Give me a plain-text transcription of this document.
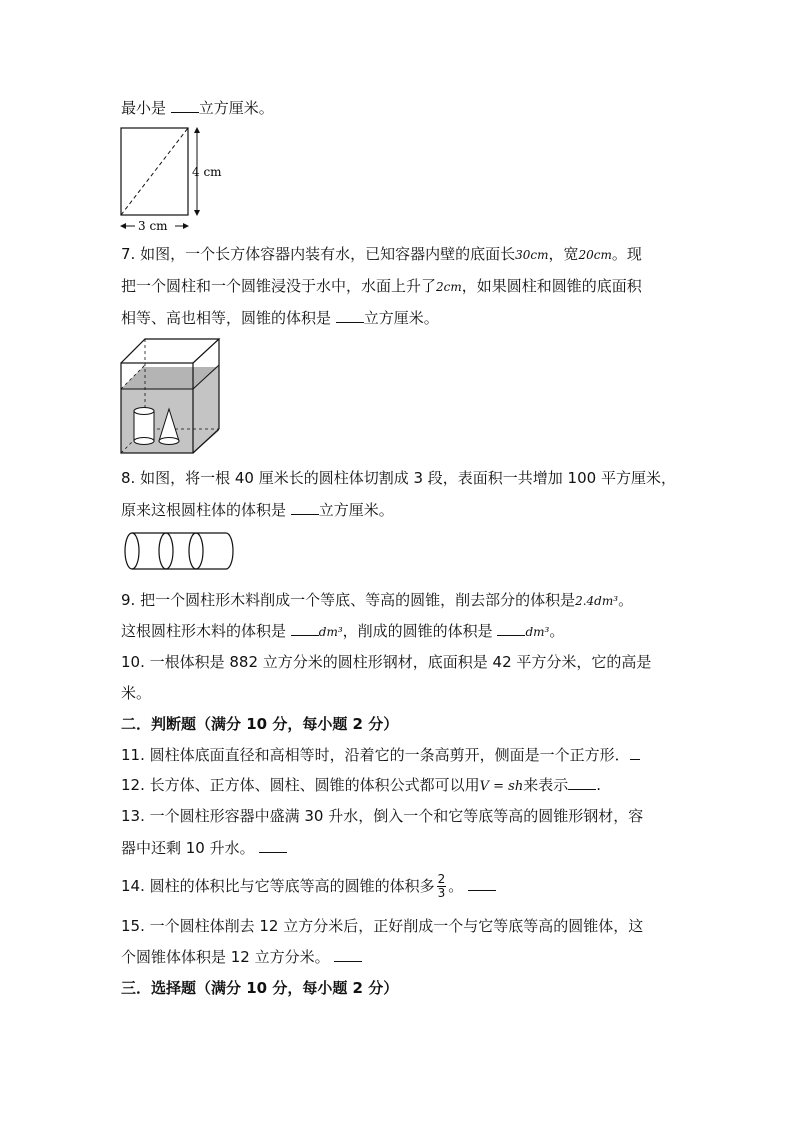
最小是 立方厘米。
4 cm
3 cm
7. 如图，一个长方体容器内装有水，已知容器内壁的底面长30cm，宽20cm。现
把一个圆柱和一个圆锥浸没于水中，水面上升了2cm，如果圆柱和圆锥的底面积
相等、高也相等，圆锥的体积是 立方厘米。
8. 如图，将一根 40 厘米长的圆柱体切割成 3 段，表面积一共增加 100 平方厘米，
原来这根圆柱体的体积是 立方厘米。
9. 把一个圆柱形木料削成一个等底、等高的圆锥，削去部分的体积是2.4dm³。
这根圆柱形木料的体积是 dm³，削成的圆锥的体积是 dm³。
10. 一根体积是 882 立方分米的圆柱形钢材，底面积是 42 平方分米，它的高是
米。
二．判断题（满分 10 分，每小题 2 分）
11. 圆柱体底面直径和高相等时，沿着它的一条高剪开，侧面是一个正方形．
12. 长方体、正方体、圆柱、圆锥的体积公式都可以用V = sh来表示 .
13. 一个圆柱形容器中盛满 30 升水，倒入一个和它等底等高的圆锥形钢材，容
器中还剩 10 升水。
14. 圆柱的体积比与它等底等高的圆锥的体积多 $\frac{2}{3}$ 。
15. 一个圆柱体削去 12 立方分米后，正好削成一个与它等底等高的圆锥体，这
个圆锥体体积是 12 立方分米。
三．选择题（满分 10 分，每小题 2 分）
